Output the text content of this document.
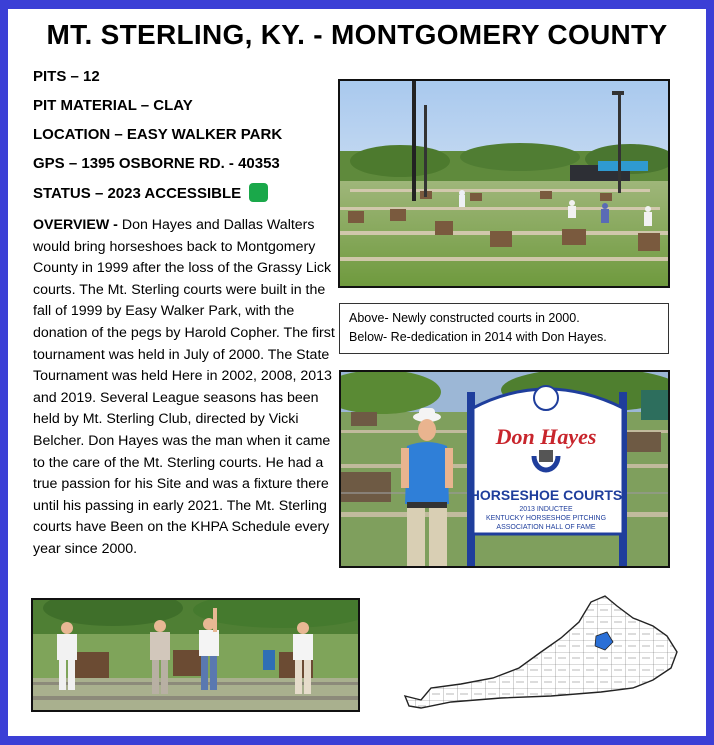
MT. STERLING, KY. - MONTGOMERY COUNTY
PITS – 12
PIT MATERIAL – CLAY
LOCATION – EASY WALKER PARK
GPS – 1395 OSBORNE RD. - 40353
STATUS – 2023 ACCESSIBLE
OVERVIEW - Don Hayes and Dallas Walters would bring horseshoes back to Montgomery County in 1999 after the loss of the Grassy Lick courts. The Mt. Sterling courts were built in the fall of 1999 by Easy Walker Park, with the donation of the pegs by Harold Copher. The first tournament was held in July of 2000. The State Tournament was held Here in 2002, 2008, 2013 and 2019. Several League seasons has been held by Mt. Sterling Club, directed by Vicki Belcher. Don Hayes was the man when it came to the care of the Mt. Sterling courts. He had a true passion for his Site and was a fixture there until his passing in early 2021. The Mt. Sterling courts have Been on the KHPA Schedule every year since 2000.
Above- Newly constructed courts in 2000.
Below- Re-dedication in 2014 with Don Hayes.
Don Hayes
HORSESHOE COURTS
2013 INDUCTEE
KENTUCKY HORSESHOE PITCHING
ASSOCIATION HALL OF FAME
